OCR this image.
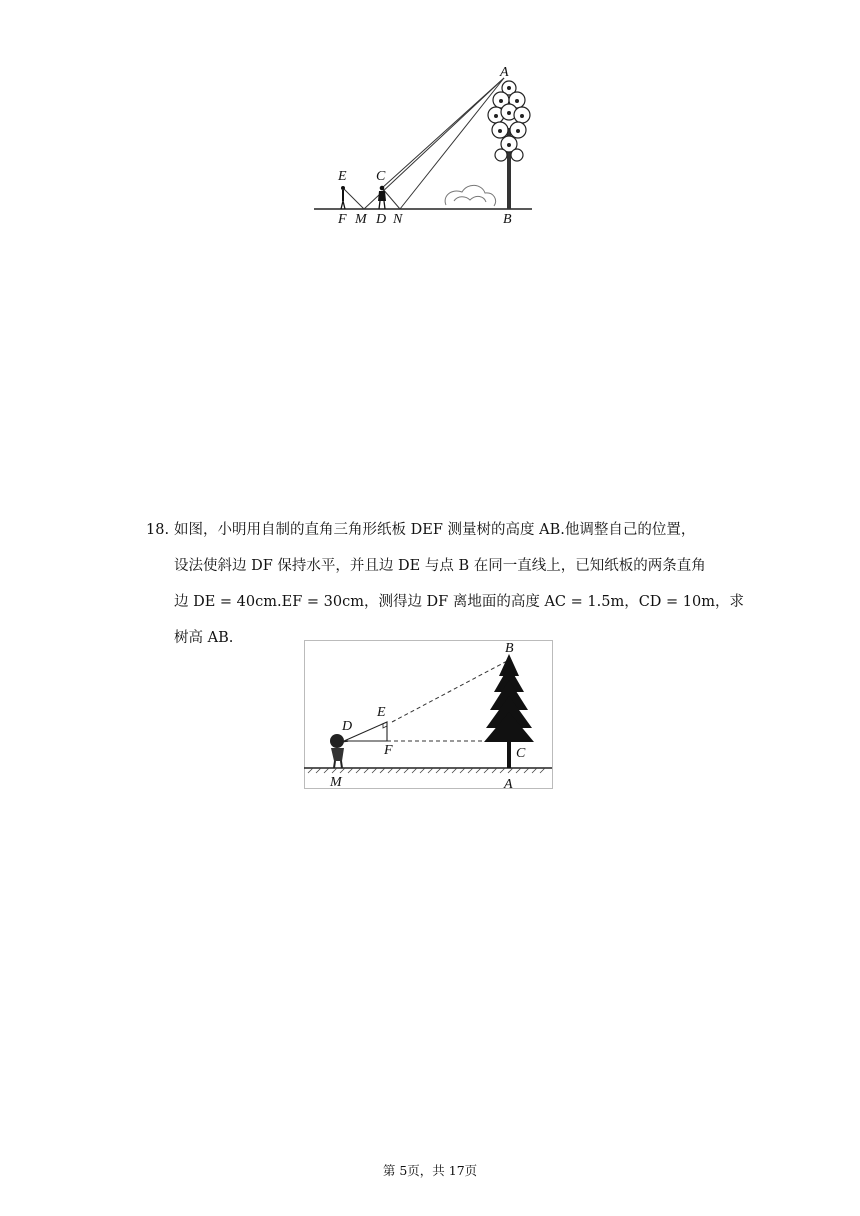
A
B
C
D
E
F M N
18. 如图，小明用自制的直角三角形纸板 DEF 测量树的高度 AB.他调整自己的位置，
设法使斜边 DF 保持水平，并且边 DE 与点 B 在同一直线上，已知纸板的两条直角
边 DE = 40cm.EF = 30cm，测得边 DF 离地面的高度 AC = 1.5m，CD = 10m，求
树高 AB.
B
E
D
F	C
M	A
第 5页，共 17页
